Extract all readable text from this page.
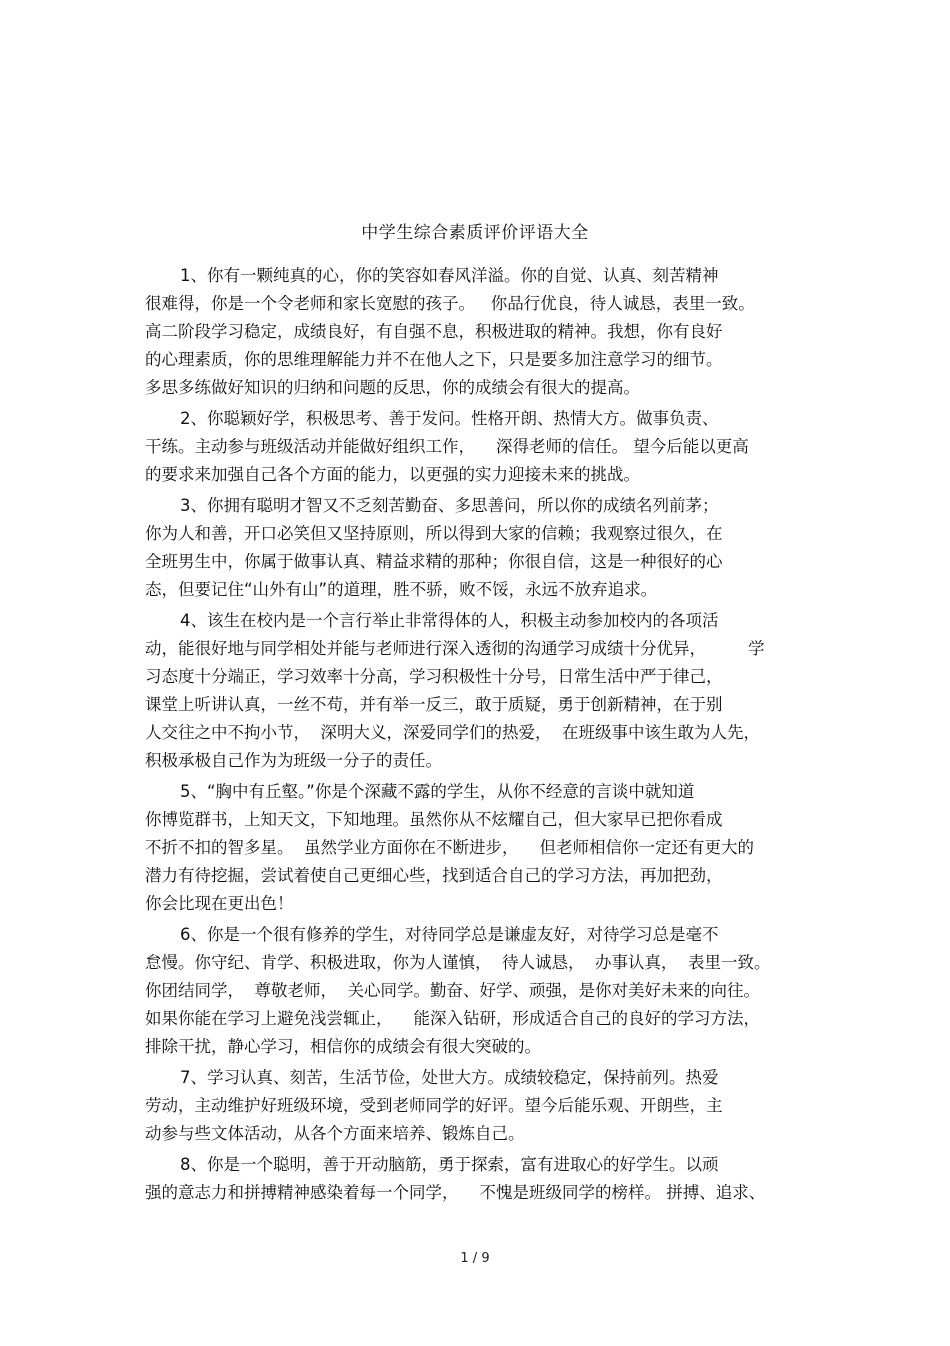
中学生综合素质评价评语大全
1、你有一颗纯真的心，你的笑容如春风洋溢。你的自觉、认真、刻苦精神
很难得，你是一个令老师和家长宽慰的孩子。   你品行优良，待人诚恳，表里一致。
高二阶段学习稳定，成绩良好，有自强不息，积极进取的精神。我想，你有良好
的心理素质，你的思维理解能力并不在他人之下，只是要多加注意学习的细节。
多思多练做好知识的归纳和问题的反思，你的成绩会有很大的提高。
2、你聪颖好学，积极思考、善于发问。性格开朗、热情大方。做事负责、
干练。主动参与班级活动并能做好组织工作，    深得老师的信任。 望今后能以更高
的要求来加强自己各个方面的能力，以更强的实力迎接未来的挑战。
3、你拥有聪明才智又不乏刻苦勤奋、多思善问，所以你的成绩名列前茅；
你为人和善，开口必笑但又坚持原则，所以得到大家的信赖；我观察过很久，在
全班男生中，你属于做事认真、精益求精的那种；你很自信，这是一种很好的心
态，但要记住“山外有山”的道理，胜不骄，败不馁，永远不放弃追求。
4、该生在校内是一个言行举止非常得体的人，积极主动参加校内的各项活
动，能很好地与同学相处并能与老师进行深入透彻的沟通学习成绩十分优异，        学
习态度十分端正，学习效率十分高，学习积极性十分号，日常生活中严于律己，
课堂上听讲认真，一丝不苟，并有举一反三，敢于质疑，勇于创新精神，在于别
人交往之中不拘小节，  深明大义，深爱同学们的热爱，  在班级事中该生敢为人先，
积极承极自己作为为班级一分子的责任。
5、“胸中有丘壑。”你是个深藏不露的学生，从你不经意的言谈中就知道
你博览群书，上知天文，下知地理。虽然你从不炫耀自己，但大家早已把你看成
不折不扣的智多星。  虽然学业方面你在不断进步，    但老师相信你一定还有更大的
潜力有待挖掘，尝试着使自己更细心些，找到适合自己的学习方法，再加把劲，
你会比现在更出色！
6、你是一个很有修养的学生，对待同学总是谦虚友好，对待学习总是毫不
怠慢。你守纪、肯学、积极进取，你为人谨慎，  待人诚恳，  办事认真，  表里一致。
你团结同学，  尊敬老师，  关心同学。勤奋、好学、顽强，是你对美好未来的向往。
如果你能在学习上避免浅尝辄止，    能深入钻研，形成适合自己的良好的学习方法，
排除干扰，静心学习，相信你的成绩会有很大突破的。
7、学习认真、刻苦，生活节俭，处世大方。成绩较稳定，保持前列。热爱
劳动，主动维护好班级环境，受到老师同学的好评。望今后能乐观、开朗些，主
动参与些文体活动，从各个方面来培养、锻炼自己。
8、你是一个聪明，善于开动脑筋，勇于探索，富有进取心的好学生。以顽
强的意志力和拼搏精神感染着每一个同学，    不愧是班级同学的榜样。 拼搏、追求、
1 / 9
